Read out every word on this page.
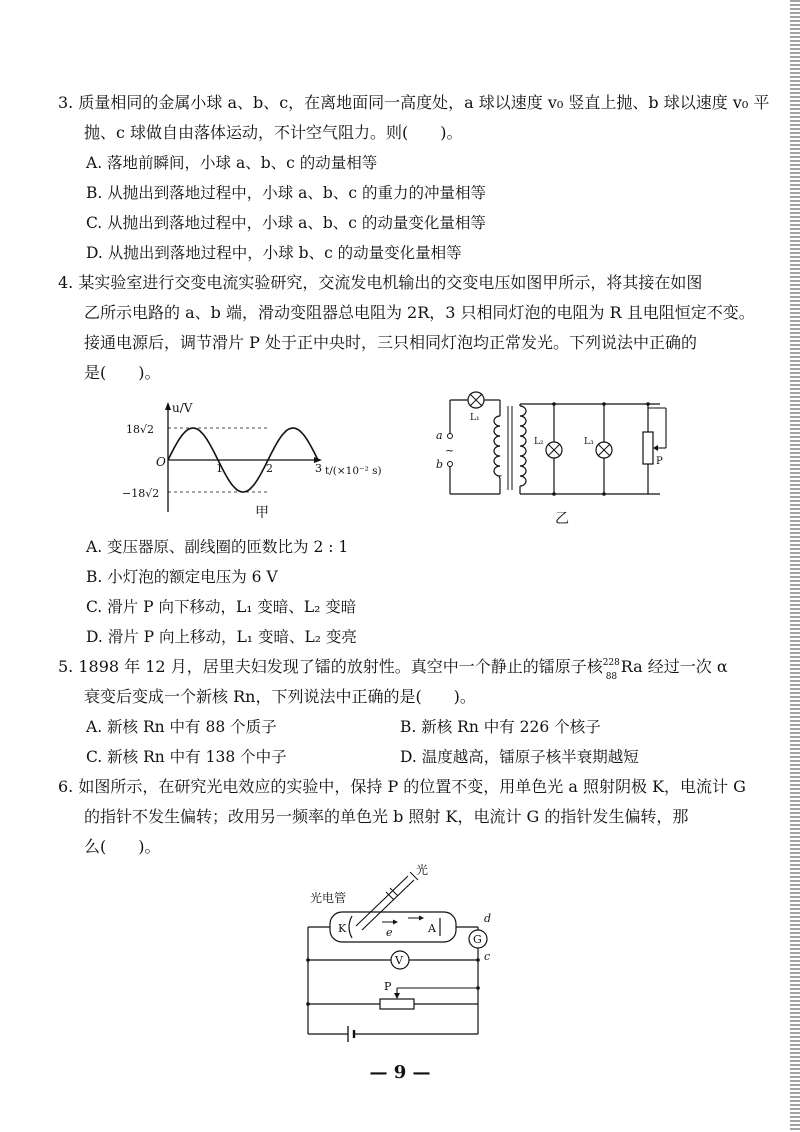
3. 质量相同的金属小球 a、b、c，在离地面同一高度处，a 球以速度 v₀ 竖直上抛、b 球以速度 v₀ 平
抛、c 球做自由落体运动，不计空气阻力。则(　　)。
A. 落地前瞬间，小球 a、b、c 的动量相等
B. 从抛出到落地过程中，小球 a、b、c 的重力的冲量相等
C. 从抛出到落地过程中，小球 a、b、c 的动量变化量相等
D. 从抛出到落地过程中，小球 b、c 的动量变化量相等
4. 某实验室进行交变电流实验研究，交流发电机输出的交变电压如图甲所示，将其接在如图
乙所示电路的 a、b 端，滑动变阻器总电阻为 2R，3 只相同灯泡的电阻为 R 且电阻恒定不变。
接通电源后，调节滑片 P 处于正中央时，三只相同灯泡均正常发光。下列说法中正确的
是(　　)。
u/V
18√2
−18√2
O	1	2	3 t/(×10⁻² s)
甲
a
b
~
L₁
L₂	L₃
P
乙
A. 变压器原、副线圈的匝数比为 2 : 1
B. 小灯泡的额定电压为 6 V
C. 滑片 P 向下移动，L₁ 变暗、L₂ 变暗
D. 滑片 P 向上移动，L₁ 变暗、L₂ 变亮
5. 1898 年 12 月，居里夫妇发现了镭的放射性。真空中一个静止的镭原子核 228
88
Ra 经过一次 α
衰变后变成一个新核 Rn，下列说法中正确的是(　　)。
A. 新核 Rn 中有 88 个质子	B. 新核 Rn 中有 226 个核子
C. 新核 Rn 中有 138 个中子	D. 温度越高，镭原子核半衰期越短
6. 如图所示，在研究光电效应的实验中，保持 P 的位置不变，用单色光 a 照射阴极 K，电流计 G
的指针不发生偏转；改用另一频率的单色光 b 照射 K，电流计 G 的指针发生偏转，那
么(　　)。
光
光电管
K	A
e
G
d
c
V
P
— 9 —
